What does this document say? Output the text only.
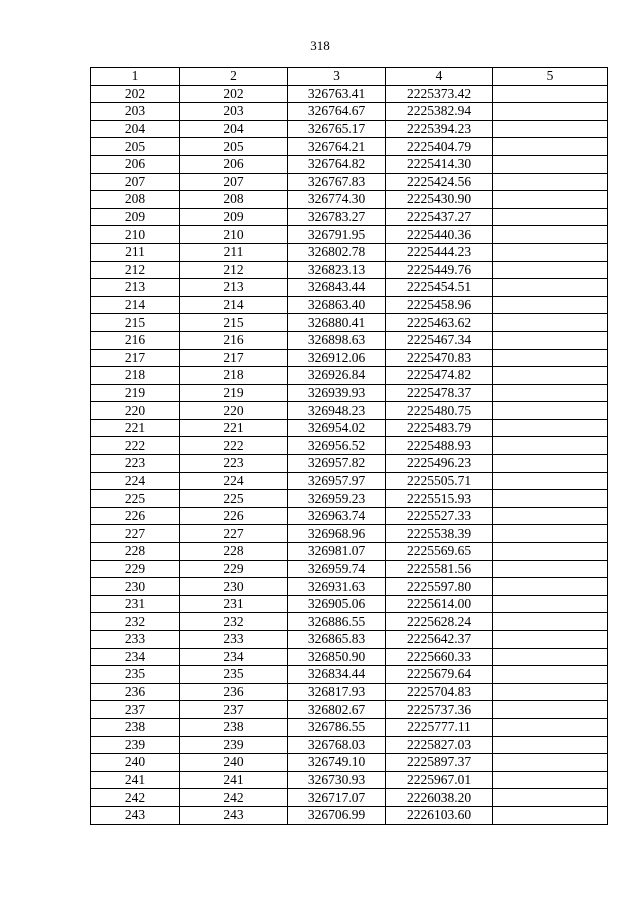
318
1	2	3	4	5
202	202	326763.41	2225373.42	
203	203	326764.67	2225382.94	
204	204	326765.17	2225394.23	
205	205	326764.21	2225404.79	
206	206	326764.82	2225414.30	
207	207	326767.83	2225424.56	
208	208	326774.30	2225430.90	
209	209	326783.27	2225437.27	
210	210	326791.95	2225440.36	
211	211	326802.78	2225444.23	
212	212	326823.13	2225449.76	
213	213	326843.44	2225454.51	
214	214	326863.40	2225458.96	
215	215	326880.41	2225463.62	
216	216	326898.63	2225467.34	
217	217	326912.06	2225470.83	
218	218	326926.84	2225474.82	
219	219	326939.93	2225478.37	
220	220	326948.23	2225480.75	
221	221	326954.02	2225483.79	
222	222	326956.52	2225488.93	
223	223	326957.82	2225496.23	
224	224	326957.97	2225505.71	
225	225	326959.23	2225515.93	
226	226	326963.74	2225527.33	
227	227	326968.96	2225538.39	
228	228	326981.07	2225569.65	
229	229	326959.74	2225581.56	
230	230	326931.63	2225597.80	
231	231	326905.06	2225614.00	
232	232	326886.55	2225628.24	
233	233	326865.83	2225642.37	
234	234	326850.90	2225660.33	
235	235	326834.44	2225679.64	
236	236	326817.93	2225704.83	
237	237	326802.67	2225737.36	
238	238	326786.55	2225777.11	
239	239	326768.03	2225827.03	
240	240	326749.10	2225897.37	
241	241	326730.93	2225967.01	
242	242	326717.07	2226038.20	
243	243	326706.99	2226103.60	
